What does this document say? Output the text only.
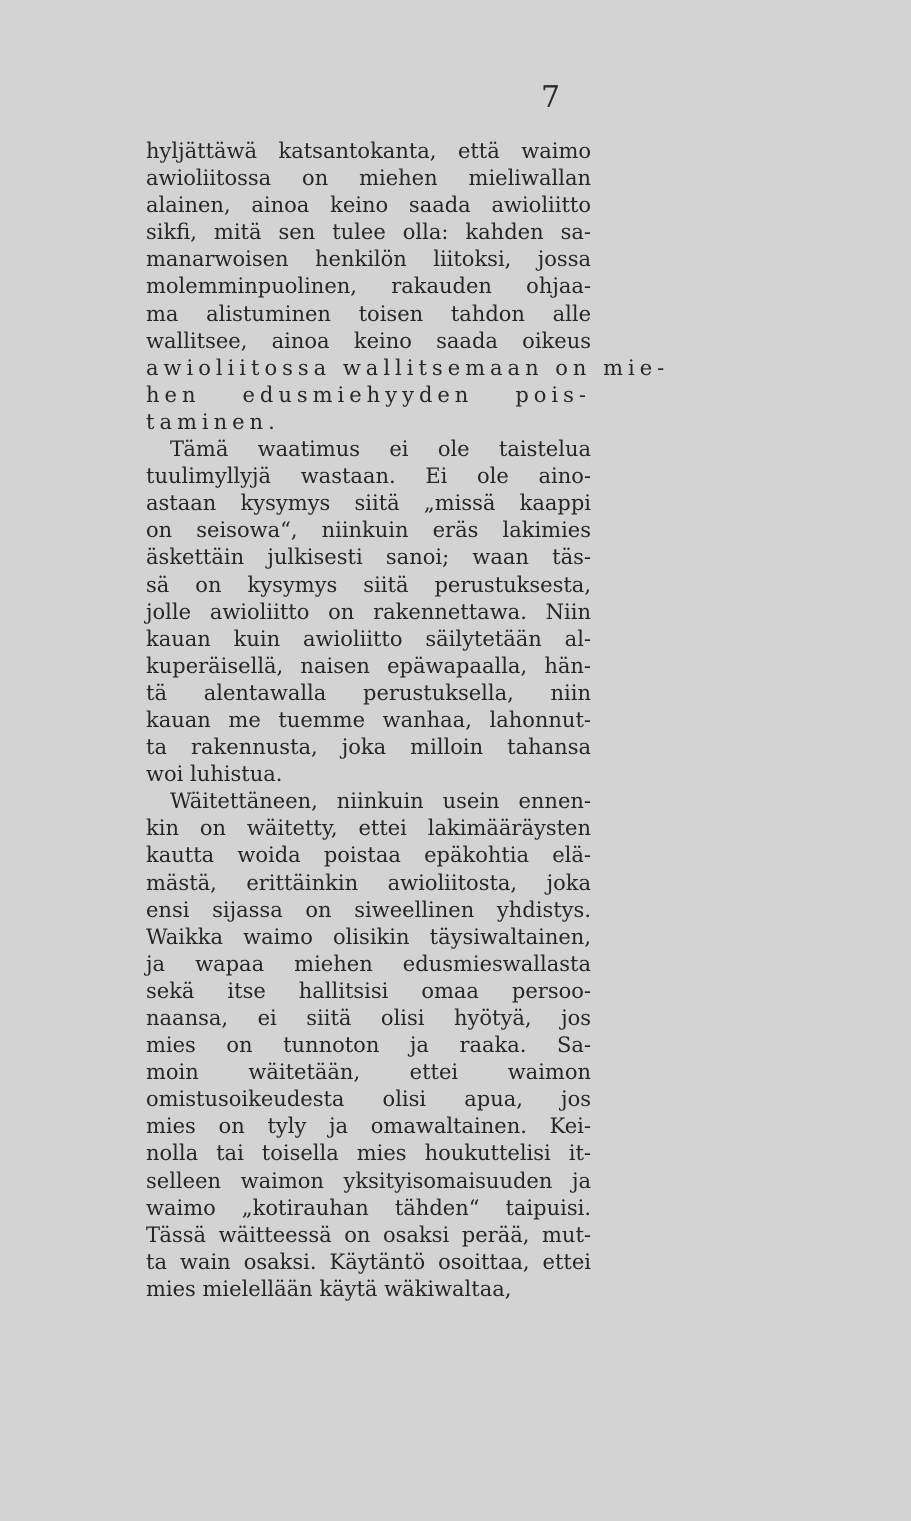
7
hyljättäwä katsantokanta, että waimo
awioliitossa on miehen mieliwallan
alainen, ainoa keino saada awioliitto
sikfi, mitä sen tulee olla: kahden sa-
manarwoisen henkilön liitoksi, jossa
molemminpuolinen, rakauden ohjaa-
ma alistuminen toisen tahdon alle
wallitsee, ainoa keino saada oikeus
awioliitossa wallitsemaan on mie-
hen edusmiehyyden pois-
taminen.
Tämä waatimus ei ole taistelua
tuulimyllyjä wastaan. Ei ole aino-
astaan kysymys siitä „missä kaappi
on seisowa“, niinkuin eräs lakimies
äskettäin julkisesti sanoi; waan täs-
sä on kysymys siitä perustuksesta,
jolle awioliitto on rakennettawa. Niin
kauan kuin awioliitto säilytetään al-
kuperäisellä, naisen epäwapaalla, hän-
tä alentawalla perustuksella, niin
kauan me tuemme wanhaa, lahonnut-
ta rakennusta, joka milloin tahansa
woi luhistua.
Wäitettäneen, niinkuin usein ennen-
kin on wäitetty, ettei lakimääräysten
kautta woida poistaa epäkohtia elä-
mästä, erittäinkin awioliitosta, joka
ensi sijassa on siweellinen yhdistys.
Waikka waimo olisikin täysiwaltainen,
ja wapaa miehen edusmieswallasta
sekä itse hallitsisi omaa persoo-
naansa, ei siitä olisi hyötyä, jos
mies on tunnoton ja raaka. Sa-
moin wäitetään, ettei waimon
omistusoikeudesta olisi apua, jos
mies on tyly ja omawaltainen. Kei-
nolla tai toisella mies houkuttelisi it-
selleen waimon yksityisomaisuuden ja
waimo „kotirauhan tähden“ taipuisi.
Tässä wäitteessä on osaksi perää, mut-
ta wain osaksi. Käytäntö osoittaa, ettei
mies mielellään käytä wäkiwaltaa,
